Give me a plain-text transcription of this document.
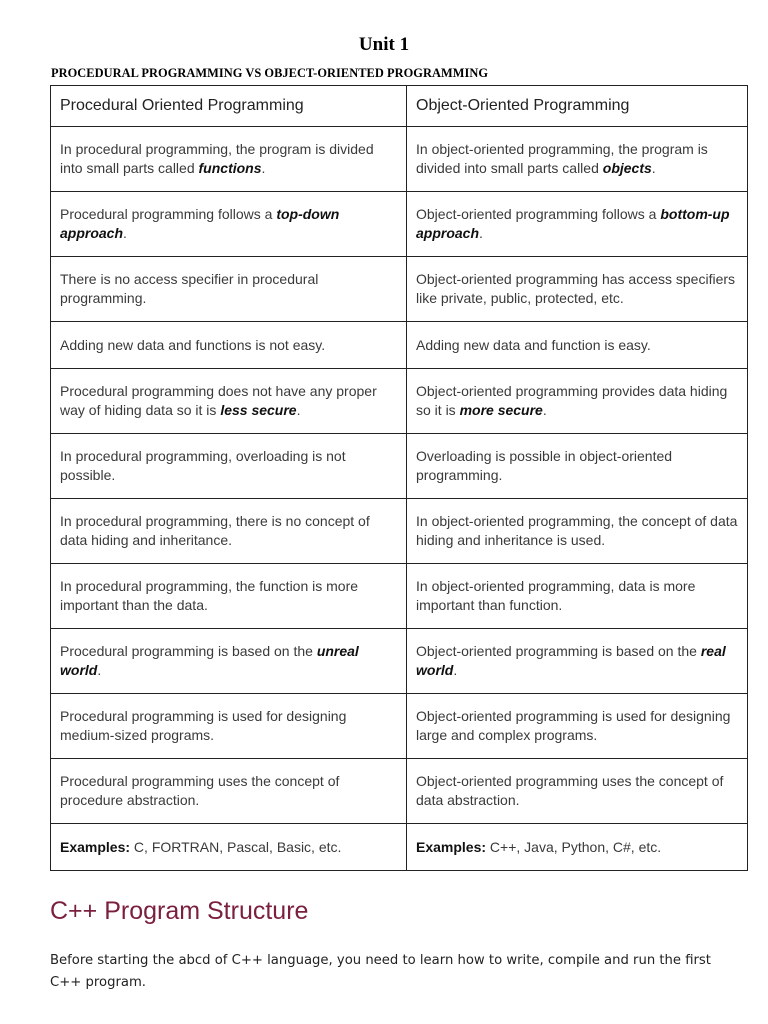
Unit 1
PROCEDURAL PROGRAMMING VS OBJECT-ORIENTED PROGRAMMING
Procedural Oriented Programming	Object-Oriented Programming
In procedural programming, the program is divided into small parts called functions.	In object-oriented programming, the program is divided into small parts called objects.
Procedural programming follows a top-down approach.	Object-oriented programming follows a bottom-up approach.
There is no access specifier in procedural programming.	Object-oriented programming has access specifiers like private, public, protected, etc.
Adding new data and functions is not easy.	Adding new data and function is easy.
Procedural programming does not have any proper way of hiding data so it is less secure.	Object-oriented programming provides data hiding so it is more secure.
In procedural programming, overloading is not possible.	Overloading is possible in object-oriented programming.
In procedural programming, there is no concept of data hiding and inheritance.	In object-oriented programming, the concept of data hiding and inheritance is used.
In procedural programming, the function is more important than the data.	In object-oriented programming, data is more important than function.
Procedural programming is based on the unreal world.	Object-oriented programming is based on the real world.
Procedural programming is used for designing medium-sized programs.	Object-oriented programming is used for designing large and complex programs.
Procedural programming uses the concept of procedure abstraction.	Object-oriented programming uses the concept of data abstraction.
Examples: C, FORTRAN, Pascal, Basic, etc.	Examples: C++, Java, Python, C#, etc.
C++ Program Structure
Before starting the abcd of C++ language, you need to learn how to write, compile and run the first C++ program.
